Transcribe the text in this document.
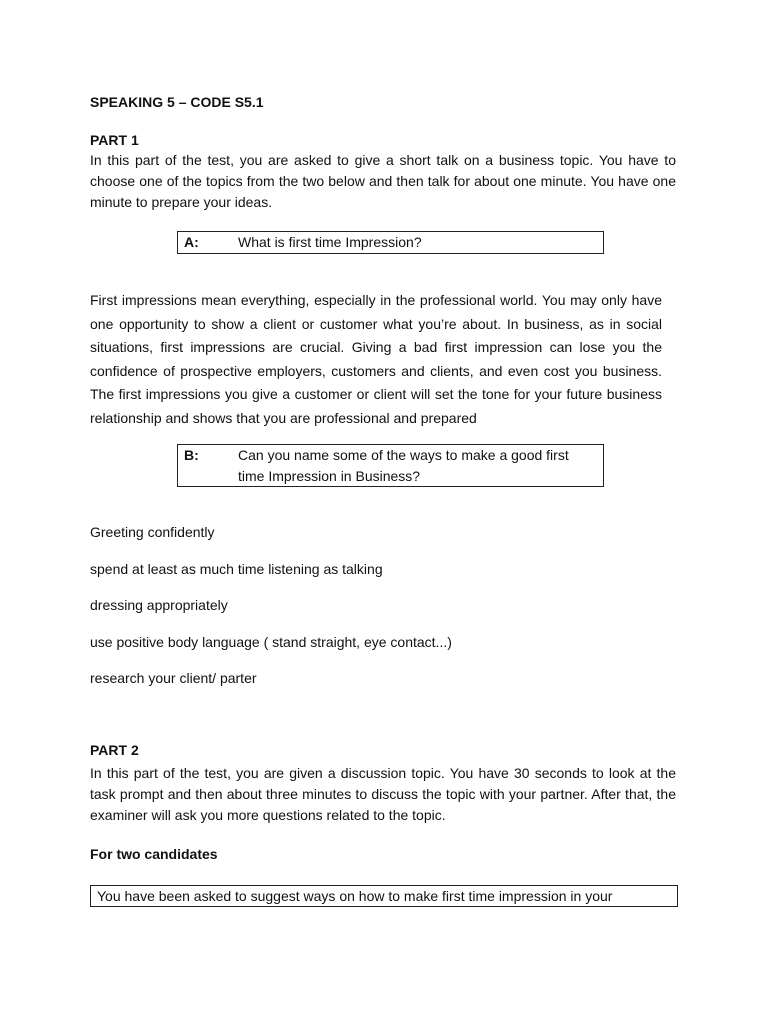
SPEAKING 5 – CODE S5.1
PART 1
In this part of the test, you are asked to give a short talk on a business topic. You have to choose one of the topics from the two below and then talk for about one minute. You have one minute to prepare your ideas.
A:	What is first time Impression?
First impressions mean everything, especially in the professional world. You may only have one opportunity to show a client or customer what you’re about. In business, as in social situations, first impressions are crucial. Giving a bad first impression can lose you the confidence of prospective employers, customers and clients, and even cost you business. The first impressions you give a customer or client will set the tone for your future business relationship and shows that you are professional and prepared
B:	Can you name some of the ways to make a good first
time Impression in Business?
Greeting confidently
spend at least as much time listening as talking
dressing appropriately
use positive body language ( stand straight, eye contact...)
research your client/ parter
PART 2
In this part of the test, you are given a discussion topic. You have 30 seconds to look at the task prompt and then about three minutes to discuss the topic with your partner. After that, the examiner will ask you more questions related to the topic.
For two candidates
You have been asked to suggest ways on how to make first time impression in your
